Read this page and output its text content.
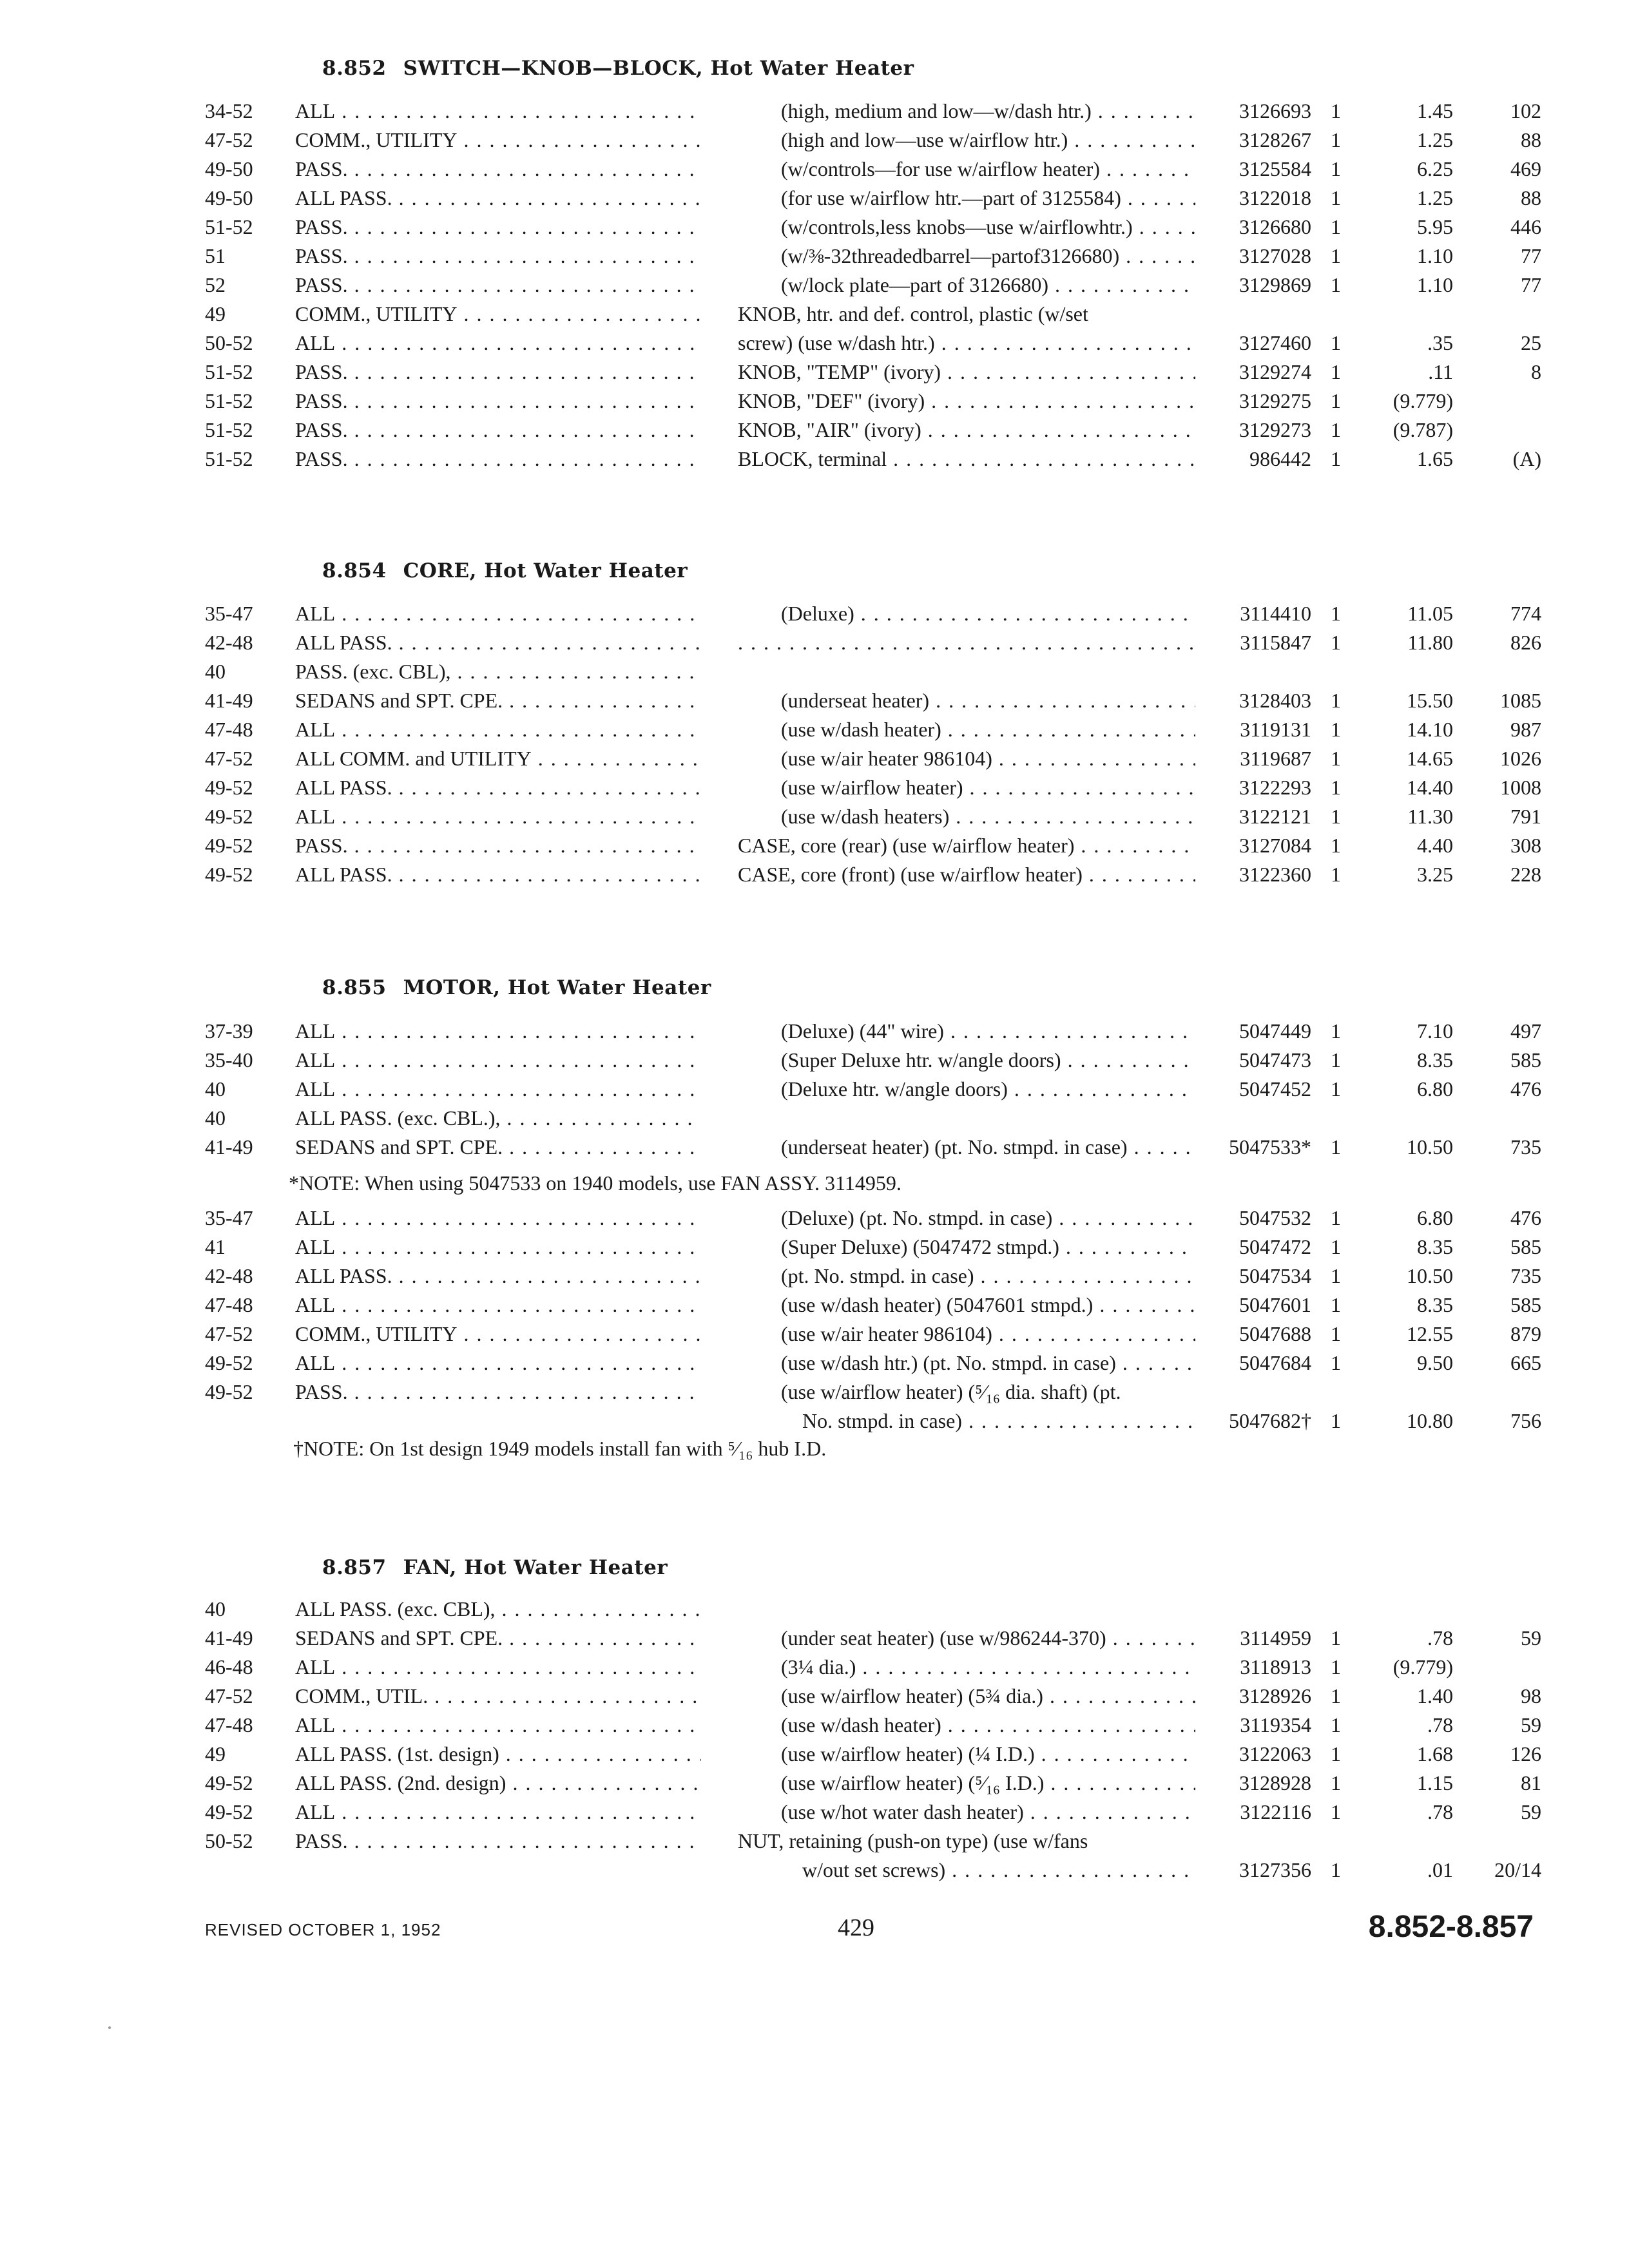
8.852 SWITCH—KNOB—BLOCK, Hot Water Heater
34-52	ALL . . .	(high, medium and low—w/dash htr.) . . .	3126693 1	1.45	102
47-52	COMM., UTILITY . . .	(high and low—use w/airflow htr.) . . .	3128267 1	1.25	88
49-50	PASS. . . .	(w/controls—for use w/airflow heater) . . .	3125584 1	6.25	469
49-50	ALL PASS. . . .	(for use w/airflow htr.—part of 3125584) . . .	3122018 1	1.25	88
51-52	PASS. . . .	(w/controls,less knobs—use w/airflowhtr.) . . .	3126680 1	5.95	446
51	PASS. . . .	(w/⅜-32threadedbarrel—partof3126680) . . .	3127028 1	1.10	77
52	PASS. . . .	(w/lock plate—part of 3126680) . . .	3129869 1	1.10	77
49	COMM., UTILITY . . .	KNOB, htr. and def. control, plastic (w/set
50-52	ALL . . .	screw) (use w/dash htr.) . . .	3127460 1	.35	25
51-52	PASS. . . .	KNOB, "TEMP" (ivory) . . .	3129274 1	.11	8
51-52	PASS. . . .	KNOB, "DEF" (ivory) . . .	3129275 1	(9.779)
51-52	PASS. . . .	KNOB, "AIR" (ivory) . . .	3129273 1	(9.787)
51-52	PASS. . . .	BLOCK, terminal . . .	986442 1	1.65	(A)
8.854 CORE, Hot Water Heater
35-47	ALL . . .	(Deluxe) . . .	3114410 1	11.05	774
42-48	ALL PASS. . . .
. . .	3115847 1	11.80	826
40	PASS. (exc. CBL), . . .
41-49	SEDANS and SPT. CPE. . . .	(underseat heater) . . .	3128403 1	15.50	1085
47-48	ALL . . .	(use w/dash heater) . . .	3119131 1	14.10	987
47-52	ALL COMM. and UTILITY . . .	(use w/air heater 986104) . . .	3119687 1	14.65	1026
49-52	ALL PASS. . . .	(use w/airflow heater) . . .	3122293 1	14.40	1008
49-52	ALL . . .	(use w/dash heaters) . . .	3122121 1	11.30	791
49-52	PASS. . . .	CASE, core (rear) (use w/airflow heater) . . .	3127084 1	4.40	308
49-52	ALL PASS. . . .	CASE, core (front) (use w/airflow heater) . . .	3122360 1	3.25	228
8.855 MOTOR, Hot Water Heater
37-39	ALL . . .	(Deluxe) (44" wire) . . .	5047449 1	7.10	497
35-40	ALL . . .	(Super Deluxe htr. w/angle doors) . . .	5047473 1	8.35	585
40	ALL . . .	(Deluxe htr. w/angle doors) . . .	5047452 1	6.80	476
40	ALL PASS. (exc. CBL.), . . .
41-49	SEDANS and SPT. CPE. . . .	(underseat heater) (pt. No. stmpd. in case) . . .	5047533* 1	10.50	735
*NOTE: When using 5047533 on 1940 models, use FAN ASSY. 3114959.
35-47	ALL . . .	(Deluxe) (pt. No. stmpd. in case) . . .	5047532 1	6.80	476
41	ALL . . .	(Super Deluxe) (5047472 stmpd.) . . .	5047472 1	8.35	585
42-48	ALL PASS. . . .	(pt. No. stmpd. in case) . . .	5047534 1	10.50	735
47-48	ALL . . .	(use w/dash heater) (5047601 stmpd.) . . .	5047601 1	8.35	585
47-52	COMM., UTILITY . . .	(use w/air heater 986104) . . .	5047688 1	12.55	879
49-52	ALL . . .	(use w/dash htr.) (pt. No. stmpd. in case) . . .	5047684 1	9.50	665
49-52	PASS. . . .	(use w/airflow heater) (⁵⁄₁₆ dia. shaft) (pt.
No. stmpd. in case) . . .	5047682† 1	10.80	756
†NOTE: On 1st design 1949 models install fan with ⁵⁄₁₆ hub I.D.
8.857 FAN, Hot Water Heater
40	ALL PASS. (exc. CBL), . . .
41-49	SEDANS and SPT. CPE. . . .	(under seat heater) (use w/986244-370) . . .	3114959 1	.78	59
46-48	ALL . . .	(3¼ dia.) . . .	3118913 1	(9.779)
47-52	COMM., UTIL. . . .	(use w/airflow heater) (5¾ dia.) . . .	3128926 1	1.40	98
47-48	ALL . . .	(use w/dash heater) . . .	3119354 1	.78	59
49	ALL PASS. (1st. design) . . .	(use w/airflow heater) (¼ I.D.) . . .	3122063 1	1.68	126
49-52	ALL PASS. (2nd. design) . . .	(use w/airflow heater) (⁵⁄₁₆ I.D.) . . .	3128928 1	1.15	81
49-52	ALL . . .	(use w/hot water dash heater) . . .	3122116 1	.78	59
50-52	PASS. . . .	NUT, retaining (push-on type) (use w/fans
w/out set screws) . . .	3127356 1	.01	20/14
REVISED OCTOBER 1, 1952	429	8.852-8.857
